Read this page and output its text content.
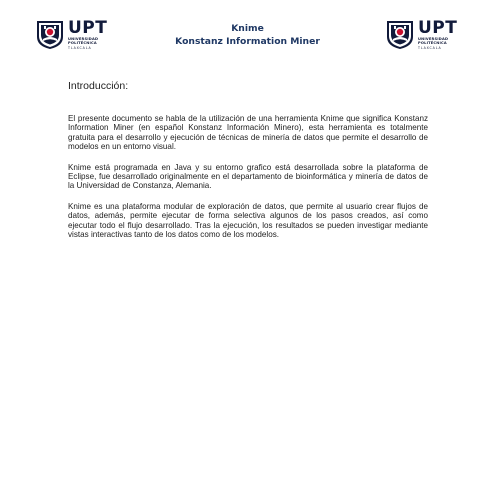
UPT
UNIVERSIDAD
POLITÉCNICA
TLAXCALA
Knime
Konstanz Information Miner
UPT
UNIVERSIDAD
POLITÉCNICA
TLAXCALA
Introducción:

El presente documento se habla de la utilización de una herramienta Knime que significa Konstanz Information Miner (en español Konstanz Información Minero), esta herramienta es totalmente gratuita para el desarrollo y ejecución de técnicas de minería de datos que permite el desarrollo de modelos en un entorno visual.

Knime está programada en Java y su entorno grafico está desarrollada sobre la plataforma de Eclipse, fue desarrollado originalmente en el departamento de bioinformática y minería de datos de la Universidad de Constanza, Alemania.

Knime es una plataforma modular de exploración de datos, que permite al usuario crear flujos de datos, además, permite ejecutar de forma selectiva algunos de los pasos creados, así como ejecutar todo el flujo desarrollado. Tras la ejecución, los resultados se pueden investigar mediante vistas interactivas tanto de los datos como de los modelos.
